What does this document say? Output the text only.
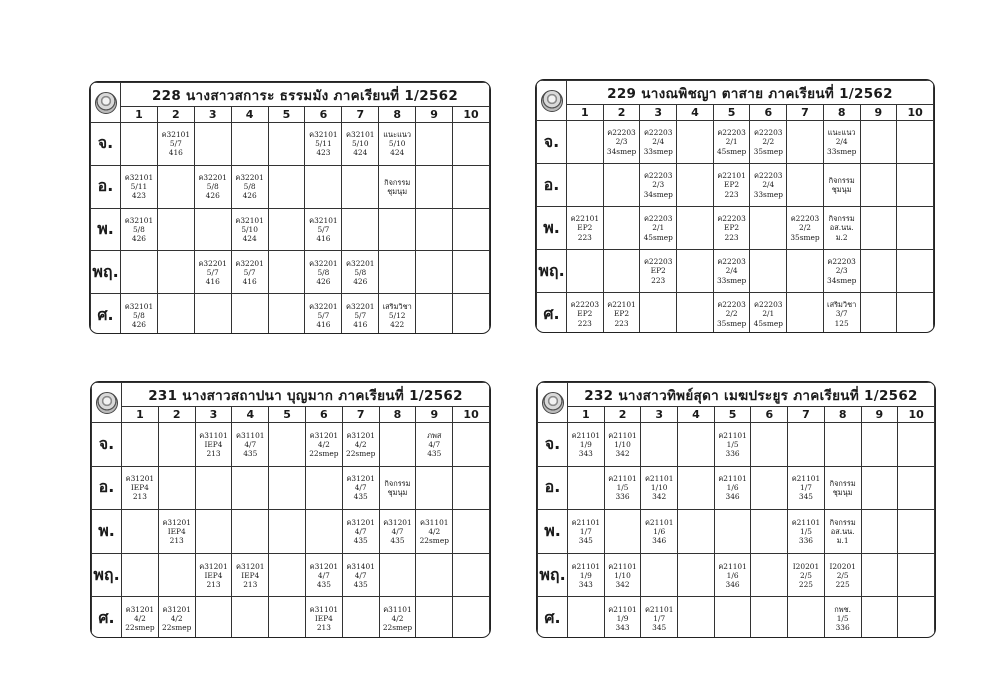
	228 นางสาวสการะ ธรรมมัง ภาคเรียนที่ 1/2562									
	1	2	3	4	5	6	7	8	9	10
จ.		ค32101
5/7
416				ค32101
5/11
423	ค32101
5/10
424	แนะแนว
5/10
424		

อ.	ค32101
5/11
423		ค32201
5/8
426	ค32201
5/8
426				กิจกรรม
ชุมนุม		

พ.	ค32101
5/8
426			ค32101
5/10
424		ค32101
5/7
416				

พฤ.			ค32201
5/7
416	ค32201
5/7
416		ค32201
5/8
426	ค32201
5/8
426			

ศ.	ค32101
5/8
426					ค32201
5/7
416	ค32201
5/7
416	เสริมวิชา
5/12
422		

	229 นางณพิชญา ตาสาย ภาคเรียนที่ 1/2562									
	1	2	3	4	5	6	7	8	9	10
จ.		ค22203
2/3
34smep	ค22203
2/4
33smep		ค22203
2/1
45smep	ค22203
2/2
35smep		แนะแนว
2/4
33smep		

อ.			ค22203
2/3
34smep		ค22101
EP2
223	ค22203
2/4
33smep		กิจกรรม
ชุมนุม		

พ.	ค22101
EP2
223		ค22203
2/1
45smep		ค22203
EP2
223		ค22203
2/2
35smep	กิจกรรม
อส.นน.
ม.2		

พฤ.			ค22203
EP2
223		ค22203
2/4
33smep			ค22203
2/3
34smep		

ศ.	ค22203
EP2
223	ค22101
EP2
223			ค22203
2/2
35smep	ค22203
2/1
45smep		เสริมวิชา
3/7
125		

	231 นางสาวสถาปนา บุญมาก ภาคเรียนที่ 1/2562									
	1	2	3	4	5	6	7	8	9	10
จ.			ค31101
IEP4
213	ค31101
4/7
435		ค31201
4/2
22smep	ค31201
4/2
22smep		ภพส
4/7
435	

อ.	ค31201
IEP4
213						ค31201
4/7
435	กิจกรรม
ชุมนุม		

พ.		ค31201
IEP4
213					ค31201
4/7
435	ค31201
4/7
435	ค31101
4/2
22smep	

พฤ.			ค31201
IEP4
213	ค31201
IEP4
213		ค31201
4/7
435	ค31401
4/7
435			

ศ.	ค31201
4/2
22smep	ค31201
4/2
22smep				ค31101
IEP4
213		ค31101
4/2
22smep		

	232 นางสาวทิพย์สุดา เมฆประยูร ภาคเรียนที่ 1/2562									
	1	2	3	4	5	6	7	8	9	10
จ.	ค21101
1/9
343	ค21101
1/10
342			ค21101
1/5
336					

อ.		ค21101
1/5
336	ค21101
1/10
342		ค21101
1/6
346		ค21101
1/7
345	กิจกรรม
ชุมนุม		

พ.	ค21101
1/7
345		ค21101
1/6
346				ค21101
1/5
336	กิจกรรม
อส.นน.
ม.1		

พฤ.	ค21101
1/9
343	ค21101
1/10
342			ค21101
1/6
346		I20201
2/5
225	I20201
2/5
225		

ศ.		ค21101
1/9
343	ค21101
1/7
345					กพช.
1/5
336		
